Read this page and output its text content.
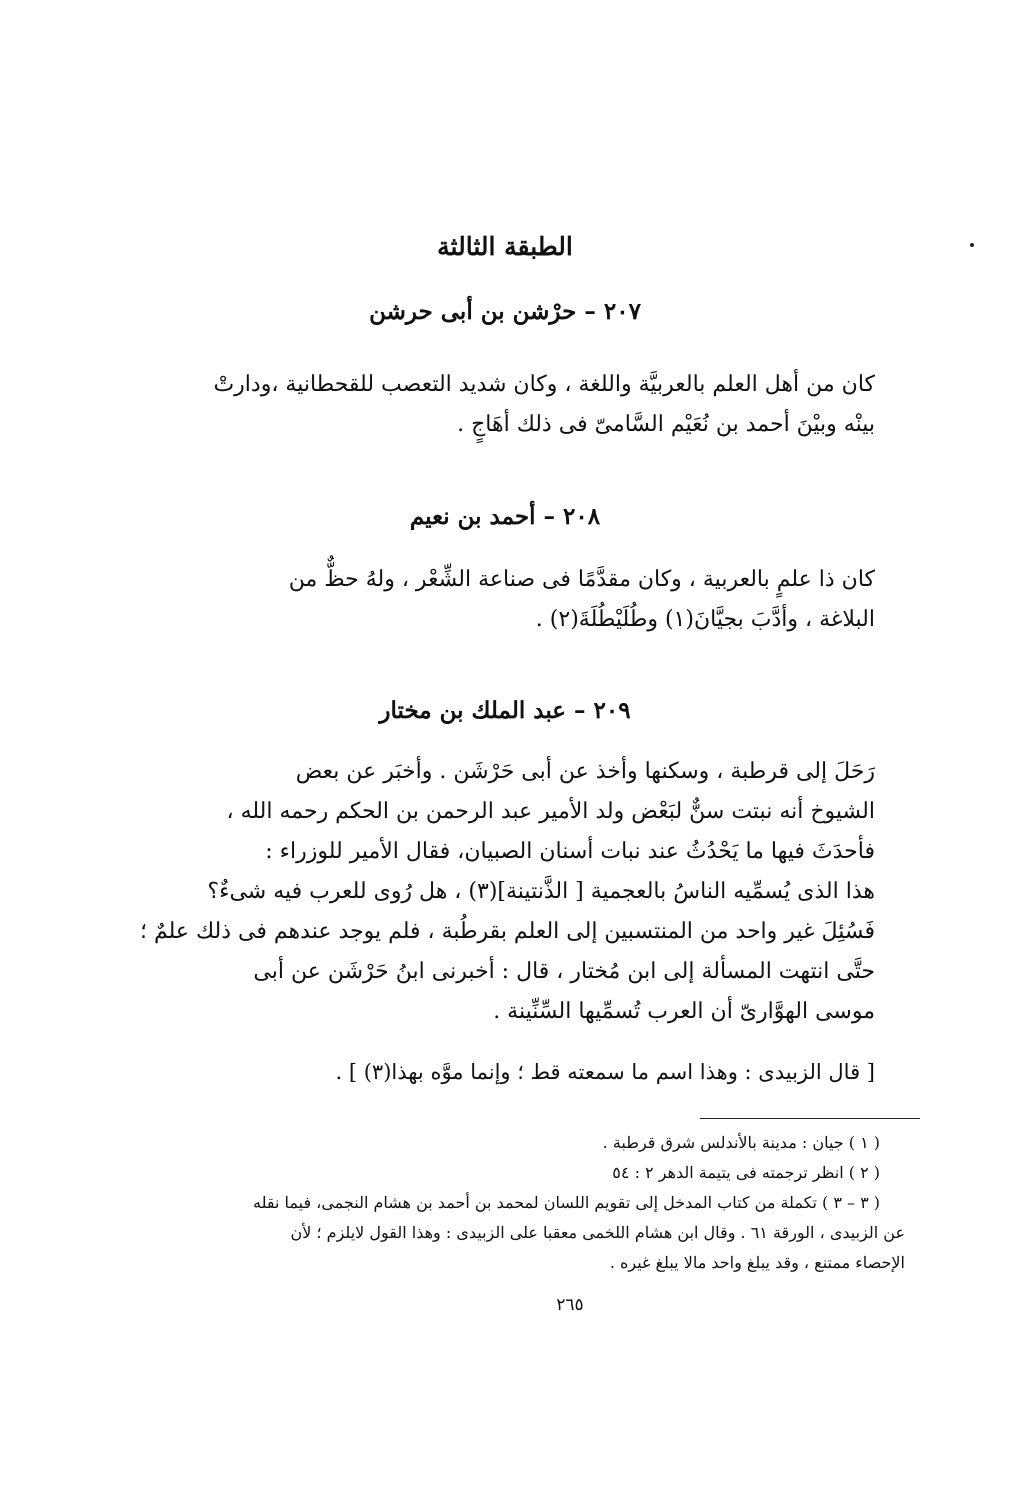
الطبقة الثالثة
٢٠٧ – حرْشن بن أبى حرشن
كان من أهل العلم بالعربيَّة واللغة ، وكان شديد التعصب للقحطانية ،ودارتْ
بينْه وبيْنَ أحمد بن نُعَيْم السَّامىّ فى ذلك أهَاجٍ .
٢٠٨ – أحمد بن نعيم
كان ذا علمٍ بالعربية ، وكان مقدَّمًا فى صناعة الشِّعْر ، ولهُ حظٌّ من
البلاغة ، وأدَّبَ بجيَّانَ(١) وطُلَيْطُلَةَ(٢) .
٢٠٩ – عبد الملك بن مختار
رَحَلَ إلى قرطبة ، وسكنها وأخذ عن أبى حَرْشَن . وأخبَر عن بعض
الشيوخ أنه نبتت سنٌّ لبَعْض ولد الأمير عبد الرحمن بن الحكم رحمه الله ،
فأحدَثَ فيها ما يَحْدُثُ عند نبات أسنان الصبيان، فقال الأمير للوزراء :
هذا الذى يُسمِّيه الناسُ بالعجمية [ الذَّنتينة](٣) ، هل رُوى للعرب فيه شىءٌ؟
فَسُئِلَ غير واحد من المنتسبين إلى العلم بقرطُبة ، فلم يوجد عندهم فى ذلك علمٌ ؛
حتَّى انتهت المسألة إلى ابن مُختار ، قال : أخبرنى ابنُ حَرْشَن عن أبى
موسى الهوَّارىّ أن العرب تُسمِّيها السِّنِّينة .
[ قال الزبيدى : وهذا اسم ما سمعته قط ؛ وإنما موَّه بهذا(٣) ] .
( ١ ) جيان : مدينة بالأندلس شرق قرطبة .
( ٢ ) انظر ترجمته فى يتيمة الدهر ٢ : ٥٤
( ٣ – ٣ ) تكملة من كتاب المدخل إلى تقويم اللسان لمحمد بن أحمد بن هشام النجمى، فيما نقله
عن الزبيدى ، الورقة ٦١ . وقال ابن هشام اللخمى معقبا على الزبيدى : وهذا القول لايلزم ؛ لأن
الإحصاء ممتنع ، وقد يبلغ واحد مالا يبلغ غيره .
٢٦٥
